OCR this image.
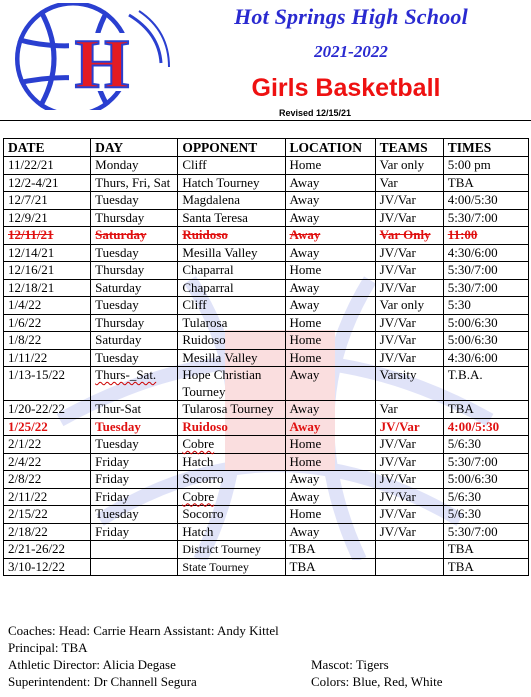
H
Hot Springs High School
2021-2022
Girls Basketball
Revised 12/15/21
DATE	DAY	OPPONENT	LOCATION	TEAMS	TIMES
11/22/21	Monday	Cliff	Home	Var only	5:00 pm
12/2-4/21	Thurs, Fri, Sat	Hatch Tourney	Away	Var	TBA
12/7/21	Tuesday	Magdalena	Away	JV/Var	4:00/5:30
12/9/21	Thursday	Santa Teresa	Away	JV/Var	5:30/7:00
12/11/21	Saturday	Ruidoso	Away	Var Only	11:00
12/14/21	Tuesday	Mesilla Valley	Away	JV/Var	4:30/6:00
12/16/21	Thursday	Chaparral	Home	JV/Var	5:30/7:00
12/18/21	Saturday	Chaparral	Away	JV/Var	5:30/7:00
1/4/22	Tuesday	Cliff	Away	Var only	5:30
1/6/22	Thursday	Tularosa	Home	JV/Var	5:00/6:30
1/8/22	Saturday	Ruidoso	Home	JV/Var	5:00/6:30
1/11/22	Tuesday	Mesilla Valley	Home	JV/Var	4:30/6:00
1/13-15/22	Thurs-_Sat.	Hope Christian Tourney	Away	Varsity	T.B.A.
1/20-22/22	Thur-Sat	Tularosa Tourney	Away	Var	TBA
1/25/22	Tuesday	Ruidoso	Away	JV/Var	4:00/5:30
2/1/22	Tuesday	Cobre	Home	JV/Var	5/6:30
2/4/22	Friday	Hatch	Home	JV/Var	5:30/7:00
2/8/22	Friday	Socorro	Away	JV/Var	5:00/6:30
2/11/22	Friday	Cobre	Away	JV/Var	5/6:30
2/15/22	Tuesday	Socorro	Home	JV/Var	5/6:30
2/18/22	Friday	Hatch	Away	JV/Var	5:30/7:00
2/21-26/22		District Tourney	TBA		TBA
3/10-12/22		State Tourney	TBA		TBA
Coaches: Head: Carrie Hearn Assistant: Andy Kittel
Principal: TBA
Athletic Director: Alicia Degase	Mascot: Tigers
Superintendent: Dr Channell Segura	Colors: Blue, Red, White
